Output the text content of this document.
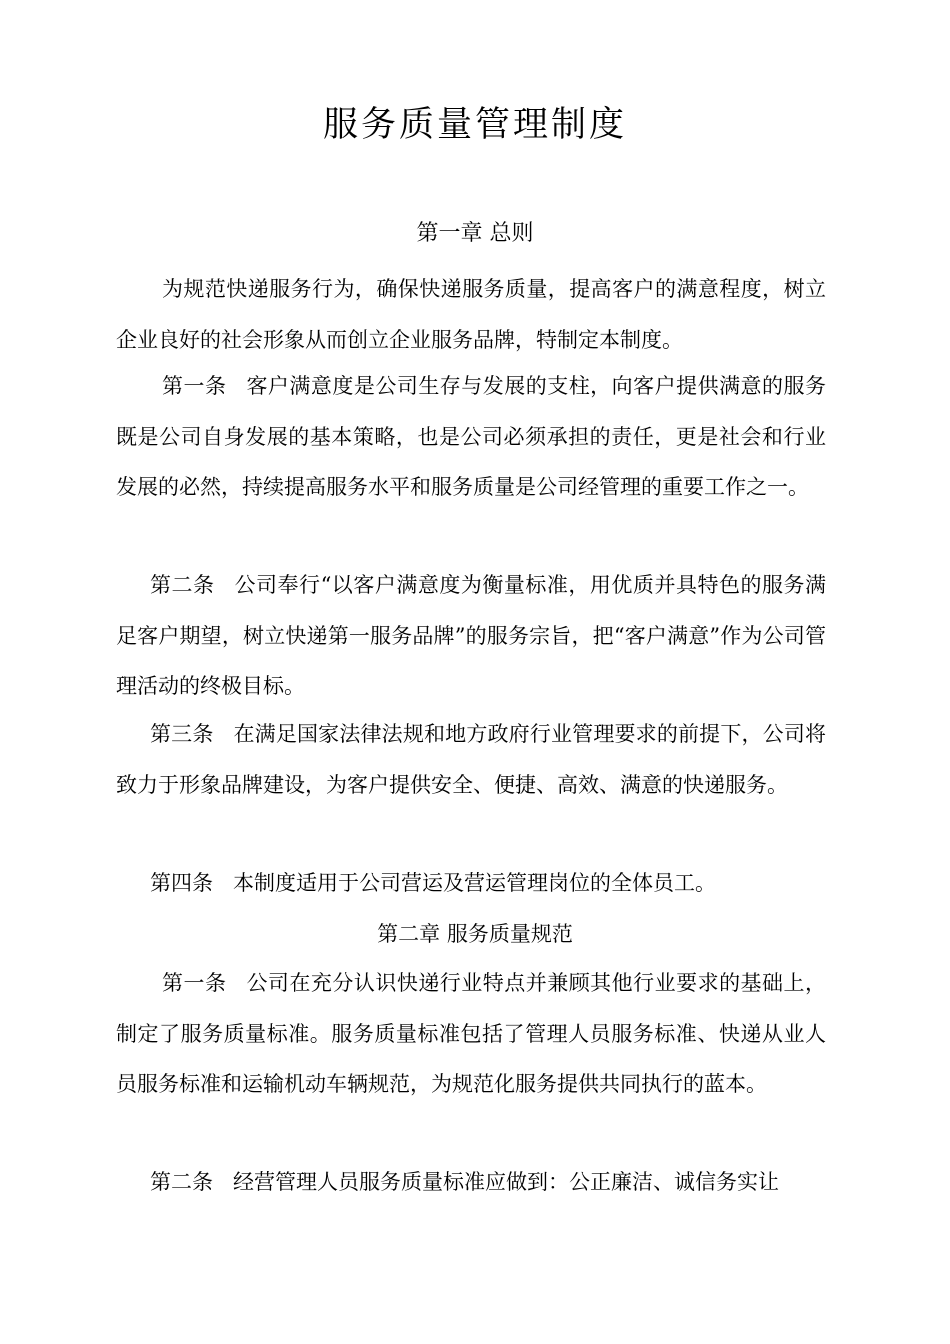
服务质量管理制度
第一章 总则

为规范快递服务行为，确保快递服务质量，提高客户的满意程度，树立企业良好的社会形象从而创立企业服务品牌，特制定本制度。

第一条 客户满意度是公司生存与发展的支柱，向客户提供满意的服务既是公司自身发展的基本策略，也是公司必须承担的责任，更是社会和行业发展的必然，持续提高服务水平和服务质量是公司经管理的重要工作之一。

第二条 公司奉行“以客户满意度为衡量标准，用优质并具特色的服务满足客户期望，树立快递第一服务品牌”的服务宗旨，把“客户满意”作为公司管理活动的终极目标。

第三条 在满足国家法律法规和地方政府行业管理要求的前提下，公司将致力于形象品牌建设，为客户提供安全、便捷、高效、满意的快递服务。

第四条 本制度适用于公司营运及营运管理岗位的全体员工。

第二章 服务质量规范

第一条 公司在充分认识快递行业特点并兼顾其他行业要求的基础上，制定了服务质量标准。服务质量标准包括了管理人员服务标准、快递从业人员服务标准和运输机动车辆规范，为规范化服务提供共同执行的蓝本。

第二条 经营管理人员服务质量标准应做到：公正廉洁、诚信务实让
